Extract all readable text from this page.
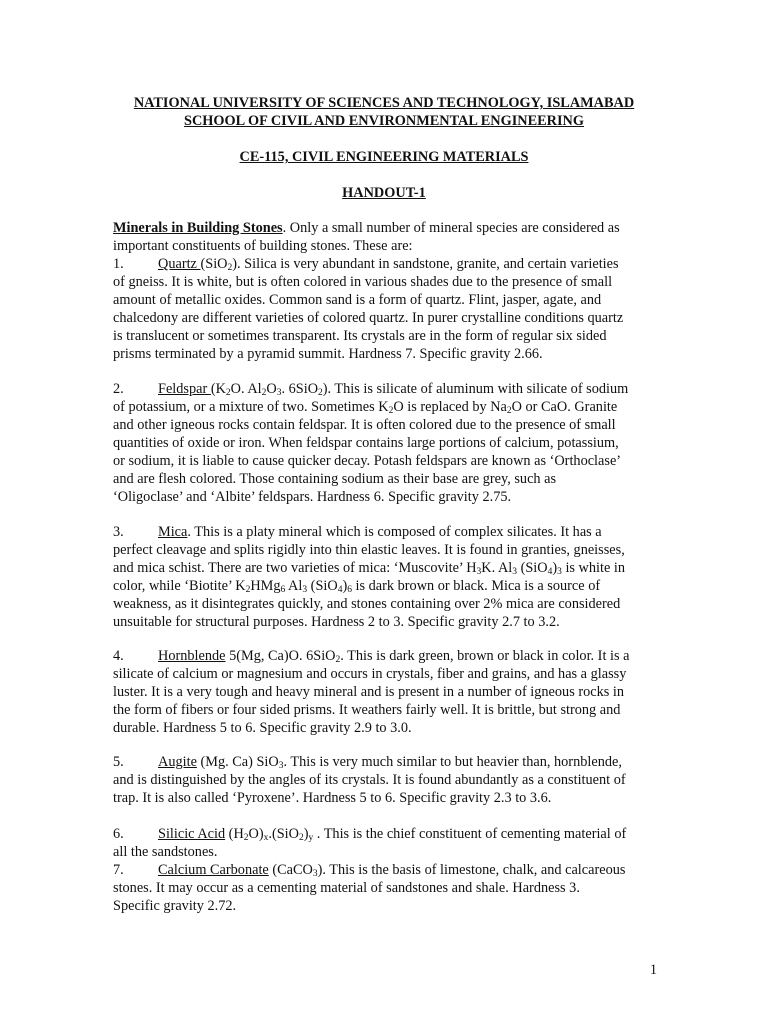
NATIONAL UNIVERSITY OF SCIENCES AND TECHNOLOGY, ISLAMABAD
SCHOOL OF CIVIL AND ENVIRONMENTAL ENGINEERING
CE-115, CIVIL ENGINEERING MATERIALS
HANDOUT-1
Minerals in Building Stones. Only a small number of mineral species are considered as
important constituents of building stones. These are:
1. Quartz (SiO$_2$). Silica is very abundant in sandstone, granite, and certain varieties
of gneiss. It is white, but is often colored in various shades due to the presence of small
amount of metallic oxides. Common sand is a form of quartz. Flint, jasper, agate, and
chalcedony are different varieties of colored quartz. In purer crystalline conditions quartz
is translucent or sometimes transparent. Its crystals are in the form of regular six sided
prisms terminated by a pyramid summit. Hardness 7. Specific gravity 2.66.
2. Feldspar ($K_2O$. $Al_2O_3$. 6SiO$_2$). This is silicate of aluminum with silicate of sodium
of potassium, or a mixture of two. Sometimes $K_2O$ is replaced by $Na_2O$ or CaO. Granite
and other igneous rocks contain feldspar. It is often colored due to the presence of small
quantities of oxide or iron. When feldspar contains large portions of calcium, potassium,
or sodium, it is liable to cause quicker decay. Potash feldspars are known as ‘Orthoclase’
and are flesh colored. Those containing sodium as their base are grey, such as
‘Oligoclase’ and ‘Albite’ feldspars. Hardness 6. Specific gravity 2.75.
3. Mica. This is a platy mineral which is composed of complex silicates. It has a
perfect cleavage and splits rigidly into thin elastic leaves. It is found in granties, gneisses,
and mica schist. There are two varieties of mica: ‘Muscovite’ $H_3K$. $Al_3$ $(SiO_4)_3$ is white in
color, while ‘Biotite’ $K_2HMg_6$ $Al_3$ $(SiO_4)_6$ is dark brown or black. Mica is a source of
weakness, as it disintegrates quickly, and stones containing over 2% mica are considered
unsuitable for structural purposes. Hardness 2 to 3. Specific gravity 2.7 to 3.2.
4. Hornblende 5(Mg, Ca)O. 6SiO$_2$. This is dark green, brown or black in color. It is a
silicate of calcium or magnesium and occurs in crystals, fiber and grains, and has a glassy
luster. It is a very tough and heavy mineral and is present in a number of igneous rocks in
the form of fibers or four sided prisms. It weathers fairly well. It is brittle, but strong and
durable. Hardness 5 to 6. Specific gravity 2.9 to 3.0.
5. Augite (Mg. Ca) SiO$_3$. This is very much similar to but heavier than, hornblende,
and is distinguished by the angles of its crystals. It is found abundantly as a constituent of
trap. It is also called ‘Pyroxene’. Hardness 5 to 6. Specific gravity 2.3 to 3.6.
6. Silicic Acid $(H_2O)_x.(SiO_2)_y$ . This is the chief constituent of cementing material of
all the sandstones.
7. Calcium Carbonate (CaCO$_3$). This is the basis of limestone, chalk, and calcareous
stones. It may occur as a cementing material of sandstones and shale. Hardness 3.
Specific gravity 2.72.
1
